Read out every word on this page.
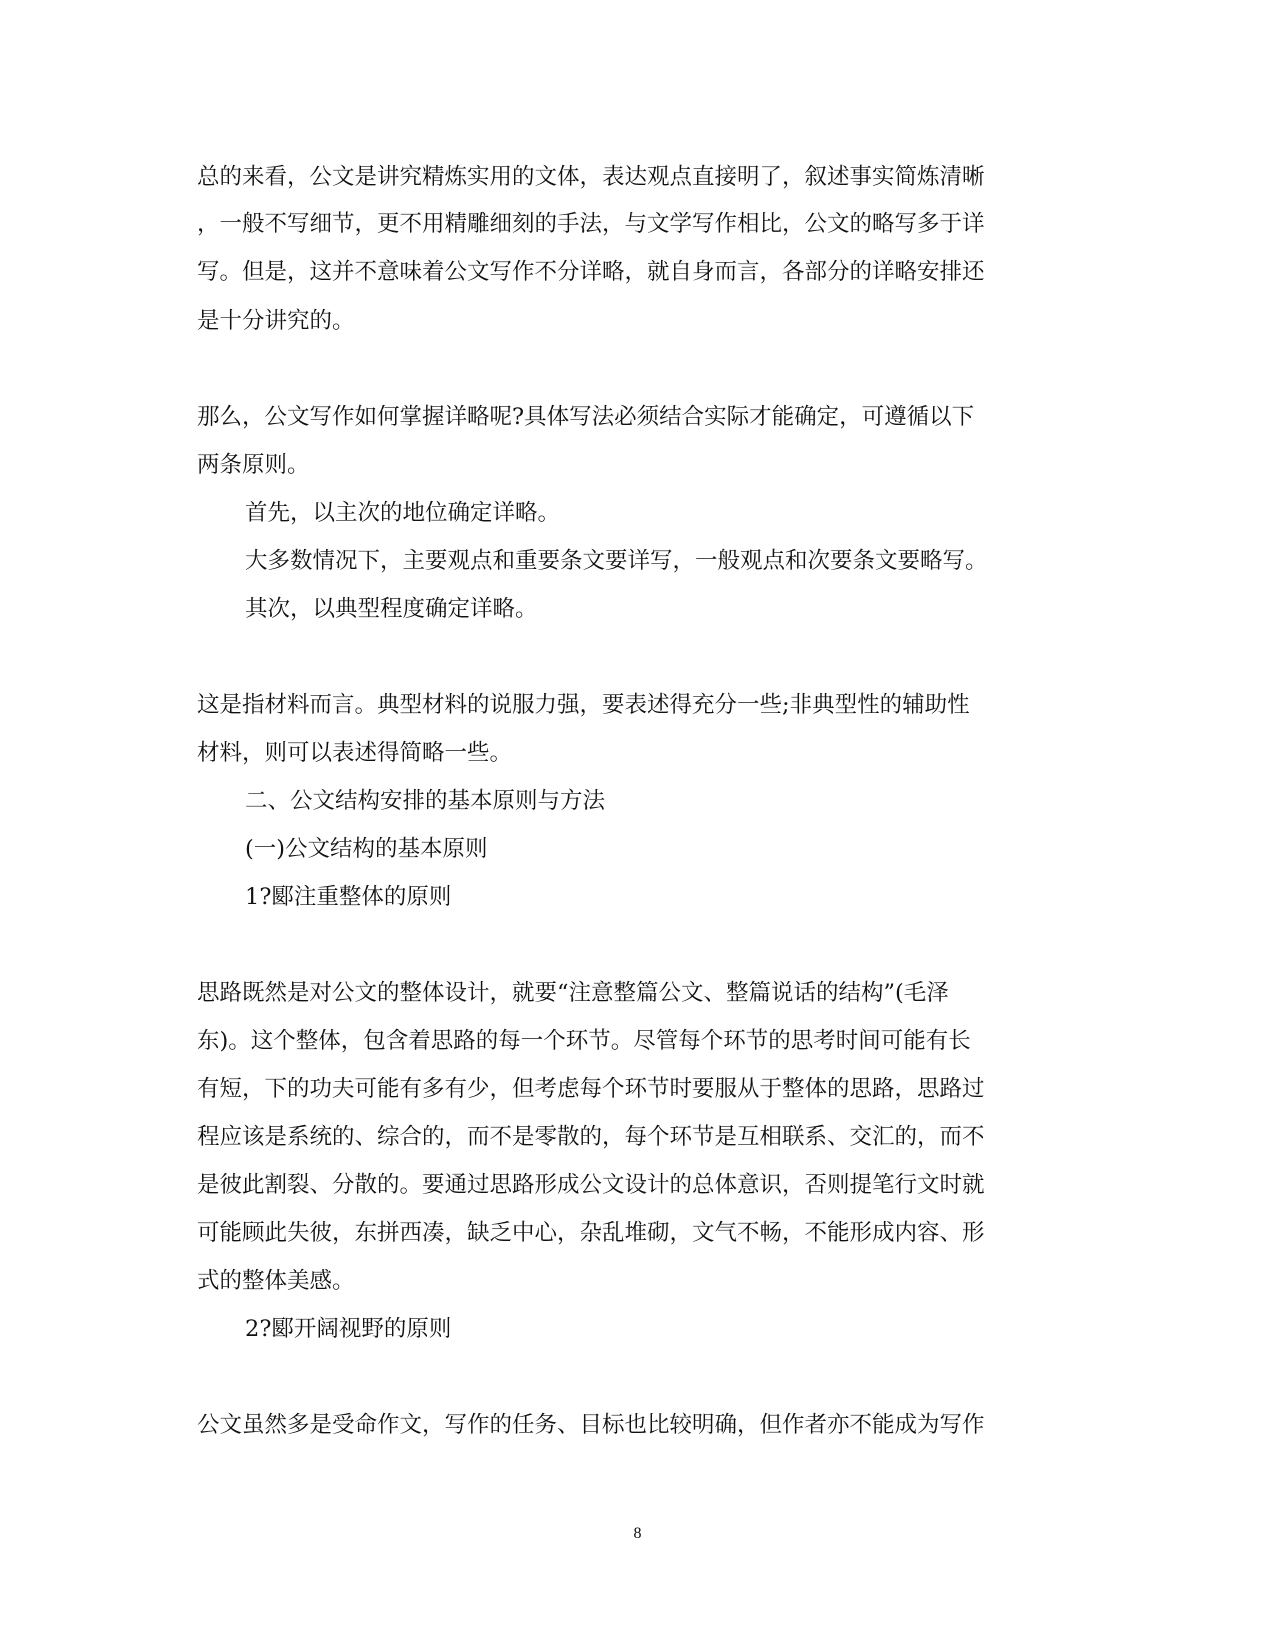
总的来看，公文是讲究精炼实用的文体，表达观点直接明了，叙述事实简炼清晰
，一般不写细节，更不用精雕细刻的手法，与文学写作相比，公文的略写多于详
写。但是，这并不意味着公文写作不分详略，就自身而言，各部分的详略安排还
是十分讲究的。
那么，公文写作如何掌握详略呢?具体写法必须结合实际才能确定，可遵循以下
两条原则。
首先，以主次的地位确定详略。
大多数情况下，主要观点和重要条文要详写，一般观点和次要条文要略写。
其次，以典型程度确定详略。
这是指材料而言。典型材料的说服力强，要表述得充分一些;非典型性的辅助性
材料，则可以表述得简略一些。
二、公文结构安排的基本原则与方法
(一)公文结构的基本原则
1?郾注重整体的原则
思路既然是对公文的整体设计，就要“注意整篇公文、整篇说话的结构”(毛泽
东)。这个整体，包含着思路的每一个环节。尽管每个环节的思考时间可能有长
有短，下的功夫可能有多有少，但考虑每个环节时要服从于整体的思路，思路过
程应该是系统的、综合的，而不是零散的，每个环节是互相联系、交汇的，而不
是彼此割裂、分散的。要通过思路形成公文设计的总体意识，否则提笔行文时就
可能顾此失彼，东拼西凑，缺乏中心，杂乱堆砌，文气不畅，不能形成内容、形
式的整体美感。
2?郾开阔视野的原则
公文虽然多是受命作文，写作的任务、目标也比较明确，但作者亦不能成为写作
8
